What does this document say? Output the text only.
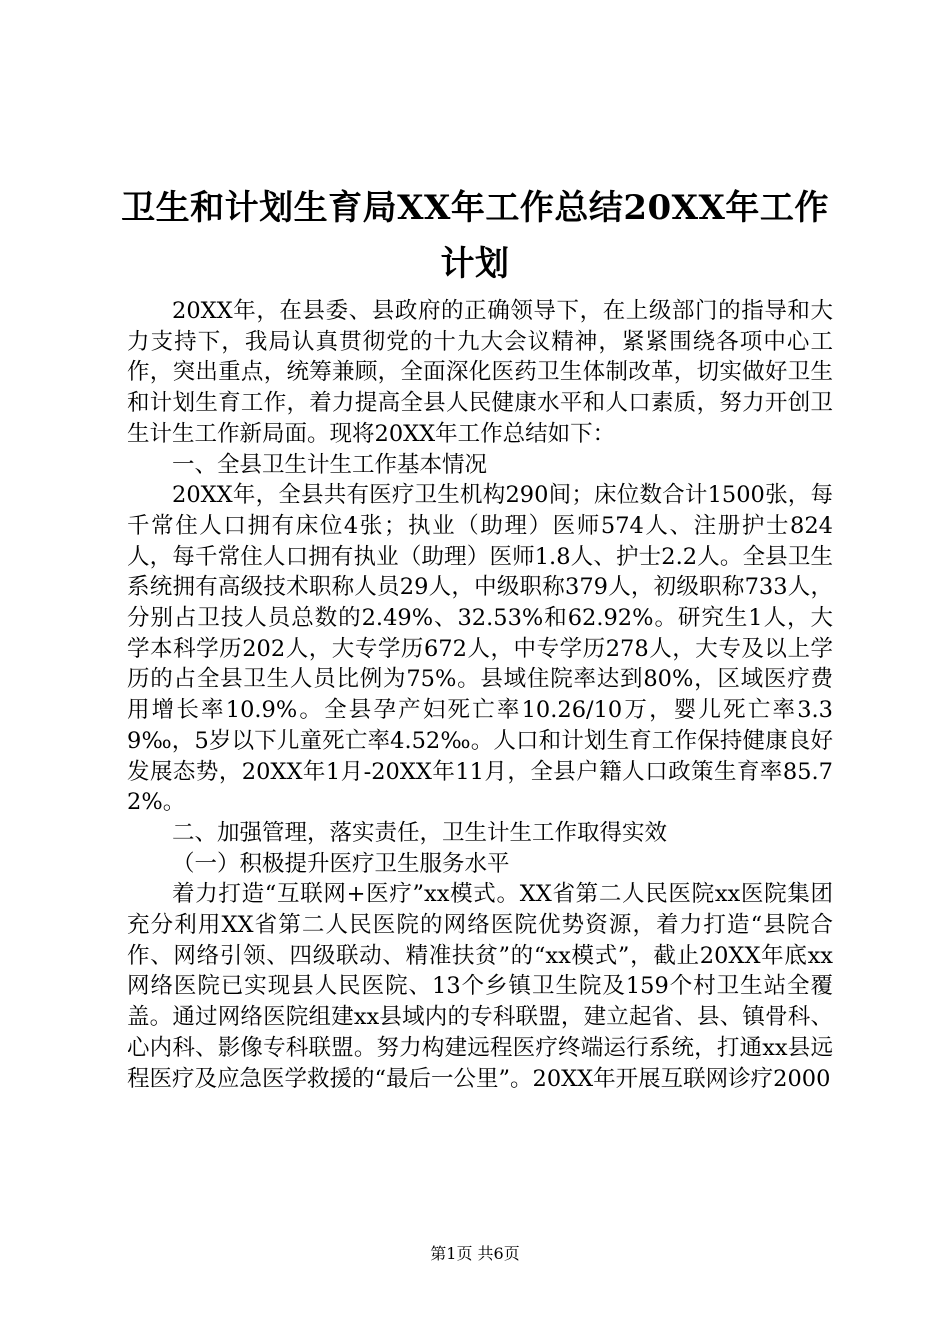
卫生和计划生育局XX年工作总结20XX年工作
计划

20XX年，在县委、县政府的正确领导下，在上级部门的指导和大力支持下，我局认真贯彻党的十九大会议精神，紧紧围绕各项中心工作，突出重点，统筹兼顾，全面深化医药卫生体制改革，切实做好卫生和计划生育工作，着力提高全县人民健康水平和人口素质，努力开创卫生计生工作新局面。现将20XX年工作总结如下：

一、全县卫生计生工作基本情况

20XX年，全县共有医疗卫生机构290间；床位数合计1500张，每千常住人口拥有床位4张；执业（助理）医师574人、注册护士824人，每千常住人口拥有执业（助理）医师1.8人、护士2.2人。全县卫生系统拥有高级技术职称人员29人，中级职称379人，初级职称733人，分别占卫技人员总数的2.49%、32.53%和62.92%。研究生1人，大学本科学历202人，大专学历672人，中专学历278人，大专及以上学历的占全县卫生人员比例为75%。县域住院率达到80%，区域医疗费用增长率10.9%。全县孕产妇死亡率10.26/10万，婴儿死亡率3.39‰，5岁以下儿童死亡率4.52‰。人口和计划生育工作保持健康良好发展态势，20XX年1月-20XX年11月，全县户籍人口政策生育率85.72%。

二、加强管理，落实责任，卫生计生工作取得实效

（一）积极提升医疗卫生服务水平

着力打造“互联网+医疗”xx模式。XX省第二人民医院xx医院集团充分利用XX省第二人民医院的网络医院优势资源，着力打造“县院合作、网络引领、四级联动、精准扶贫”的“xx模式”，截止20XX年底xx网络医院已实现县人民医院、13个乡镇卫生院及159个村卫生站全覆盖。通过网络医院组建xx县域内的专科联盟，建立起省、县、镇骨科、心内科、影像专科联盟。努力构建远程医疗终端运行系统，打通xx县远程医疗及应急医学救援的“最后一公里”。20XX年开展互联网诊疗2000

第1页 共6页
